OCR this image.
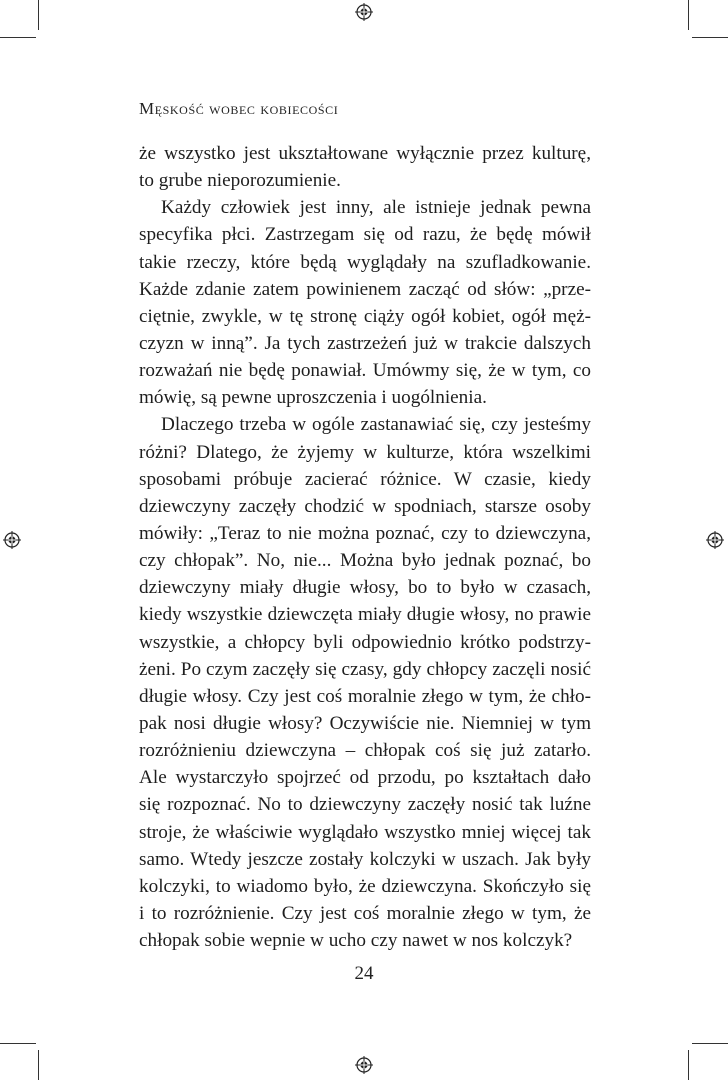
Męskość wobec kobiecości
że wszystko jest ukształtowane wyłącznie przez kulturę,
to grube nieporozumienie.
Każdy człowiek jest inny, ale istnieje jednak pewna
specyfika płci. Zastrzegam się od razu, że będę mówił
takie rzeczy, które będą wyglądały na szufladkowanie.
Każde zdanie zatem powinienem zacząć od słów: „prze-
ciętnie, zwykle, w tę stronę ciąży ogół kobiet, ogół męż-
czyzn w inną”. Ja tych zastrzeżeń już w trakcie dalszych
rozważań nie będę ponawiał. Umówmy się, że w tym, co
mówię, są pewne uproszczenia i uogólnienia.
Dlaczego trzeba w ogóle zastanawiać się, czy jesteśmy
różni? Dlatego, że żyjemy w kulturze, która wszelkimi
sposobami próbuje zacierać różnice. W czasie, kiedy
dziewczyny zaczęły chodzić w spodniach, starsze osoby
mówiły: „Teraz to nie można poznać, czy to dziewczyna,
czy chłopak”. No, nie... Można było jednak poznać, bo
dziewczyny miały długie włosy, bo to było w czasach,
kiedy wszystkie dziewczęta miały długie włosy, no prawie
wszystkie, a chłopcy byli odpowiednio krótko podstrzy-
żeni. Po czym zaczęły się czasy, gdy chłopcy zaczęli nosić
długie włosy. Czy jest coś moralnie złego w tym, że chło-
pak nosi długie włosy? Oczywiście nie. Niemniej w tym
rozróżnieniu dziewczyna – chłopak coś się już zatarło.
Ale wystarczyło spojrzeć od przodu, po kształtach dało
się rozpoznać. No to dziewczyny zaczęły nosić tak luźne
stroje, że właściwie wyglądało wszystko mniej więcej tak
samo. Wtedy jeszcze zostały kolczyki w uszach. Jak były
kolczyki, to wiadomo było, że dziewczyna. Skończyło się
i to rozróżnienie. Czy jest coś moralnie złego w tym, że
chłopak sobie wepnie w ucho czy nawet w nos kolczyk?
24
